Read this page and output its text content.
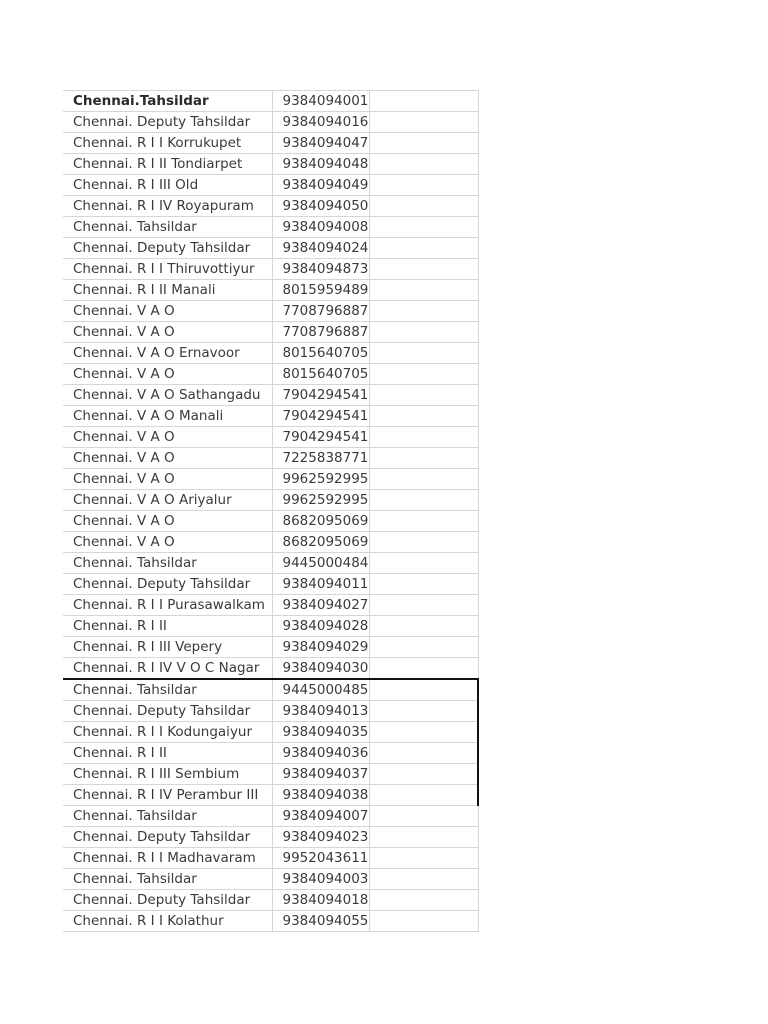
Chennai.Tahsildar	9384094001	
Chennai. Deputy Tahsildar	9384094016	
Chennai. R I I Korrukupet	9384094047	
Chennai. R I II Tondiarpet	9384094048	
Chennai. R I III Old	9384094049	
Chennai. R I IV Royapuram	9384094050	
Chennai. Tahsildar	9384094008	
Chennai. Deputy Tahsildar	9384094024	
Chennai. R I I Thiruvottiyur	9384094873	
Chennai. R I II Manali	8015959489	
Chennai. V A O	7708796887	
Chennai. V A O	7708796887	
Chennai. V A O Ernavoor	8015640705	
Chennai. V A O	8015640705	
Chennai. V A O Sathangadu	7904294541	
Chennai. V A O Manali	7904294541	
Chennai. V A O	7904294541	
Chennai. V A O	7225838771	
Chennai. V A O	9962592995	
Chennai. V A O Ariyalur	9962592995	
Chennai. V A O	8682095069	
Chennai. V A O	8682095069	
Chennai. Tahsildar	9445000484	
Chennai. Deputy Tahsildar	9384094011	
Chennai. R I I Purasawalkam	9384094027	
Chennai. R I II	9384094028	
Chennai. R I III Vepery	9384094029	
Chennai. R I IV V O C Nagar	9384094030	
Chennai. Tahsildar	9445000485	
Chennai. Deputy Tahsildar	9384094013	
Chennai. R I I Kodungaiyur	9384094035	
Chennai. R I II	9384094036	
Chennai. R I III Sembium	9384094037	
Chennai. R I IV Perambur III	9384094038	
Chennai. Tahsildar	9384094007	
Chennai. Deputy Tahsildar	9384094023	
Chennai. R I I Madhavaram	9952043611	
Chennai. Tahsildar	9384094003	
Chennai. Deputy Tahsildar	9384094018	
Chennai. R I I Kolathur	9384094055	
